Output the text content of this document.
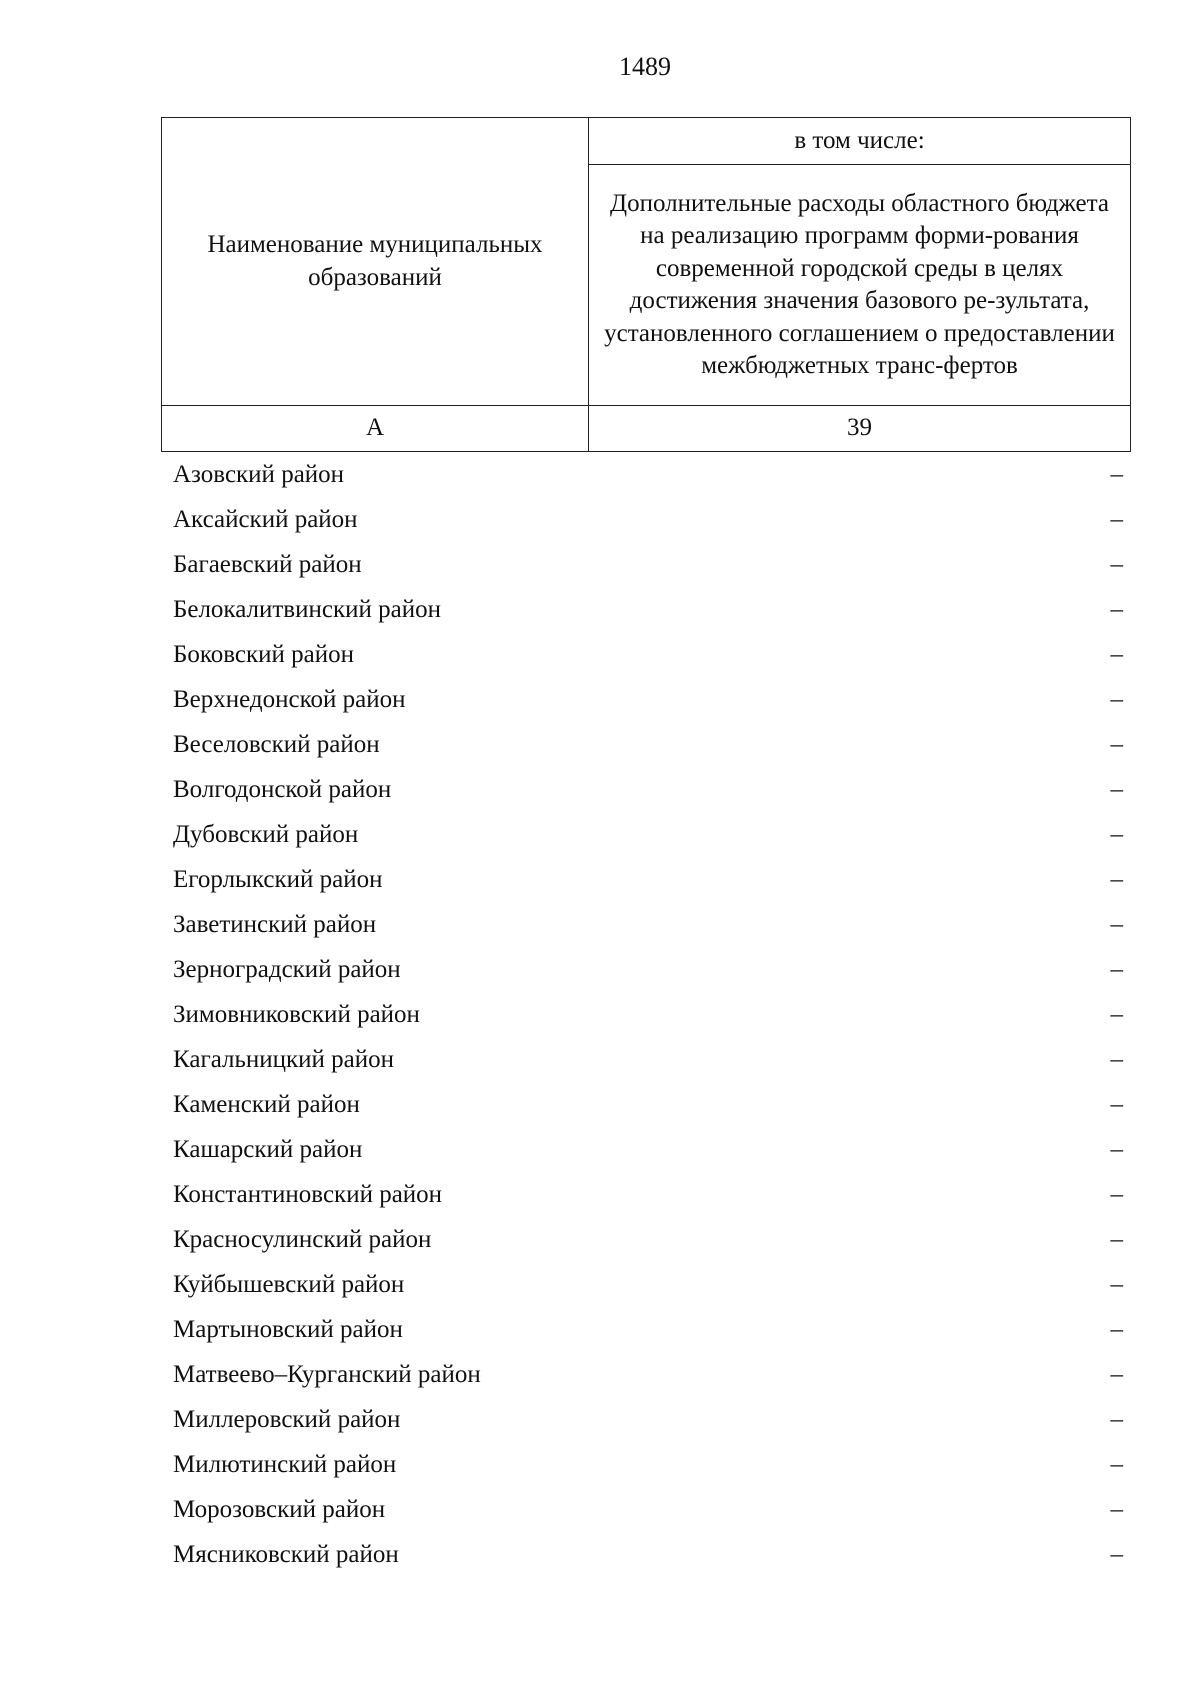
1489
Наименование муниципальных образований	в том числе:
	Дополнительные расходы областного бюджета на реализацию программ форми-рования современной городской среды в целях достижения значения базового ре-зультата, установленного соглашением о предоставлении межбюджетных транс-фертов
А	39
Азовский район	–
Аксайский район	–
Багаевский район	–
Белокалитвинский район	–
Боковский район	–
Верхнедонской район	–
Веселовский район	–
Волгодонской район	–
Дубовский район	–
Егорлыкский район	–
Заветинский район	–
Зерноградский район	–
Зимовниковский район	–
Кагальницкий район	–
Каменский район	–
Кашарский район	–
Константиновский район	–
Красносулинский район	–
Куйбышевский район	–
Мартыновский район	–
Матвеево–Курганский район	–
Миллеровский район	–
Милютинский район	–
Морозовский район	–
Мясниковский район	–
